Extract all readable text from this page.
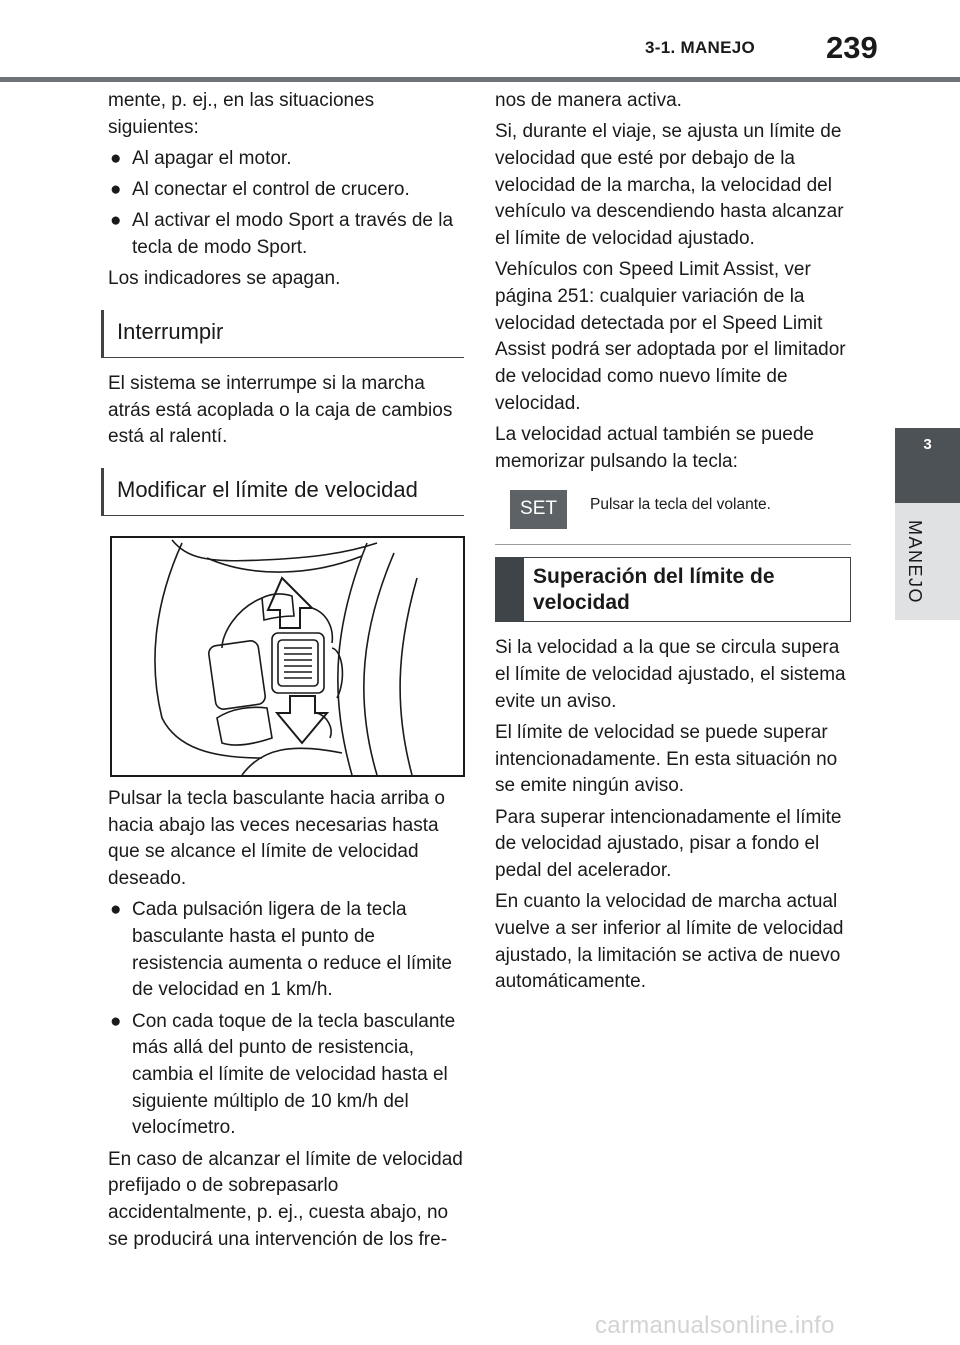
3-1. MANEJO 239
3
MANEJO

mente, p. ej., en las situaciones siguientes:

● Al apagar el motor.
● Al conectar el control de crucero.
● Al activar el modo Sport a través de la tecla de modo Sport.

Los indicadores se apagan.

Interrumpir

El sistema se interrumpe si la marcha atrás está acoplada o la caja de cambios está al ralentí.

Modificar el límite de velocidad

Pulsar la tecla basculante hacia arriba o hacia abajo las veces necesarias hasta que se alcance el límite de velocidad deseado.

● Cada pulsación ligera de la tecla basculante hasta el punto de resistencia aumenta o reduce el límite de velocidad en 1 km/h.
● Con cada toque de la tecla basculante más allá del punto de resistencia, cambia el límite de velocidad hasta el siguiente múltiplo de 10 km/h del velocímetro.

En caso de alcanzar el límite de velocidad prefijado o de sobrepasarlo accidentalmente, p. ej., cuesta abajo, no se producirá una intervención de los fre-

nos de manera activa.

Si, durante el viaje, se ajusta un límite de velocidad que esté por debajo de la velocidad de la marcha, la velocidad del vehículo va descendiendo hasta alcanzar el límite de velocidad ajustado.

Vehículos con Speed Limit Assist, ver página 251: cualquier variación de la velocidad detectada por el Speed Limit Assist podrá ser adoptada por el limitador de velocidad como nuevo límite de velocidad.

La velocidad actual también se puede memorizar pulsando la tecla:

SET	Pulsar la tecla del volante.
Superación del límite de velocidad

Si la velocidad a la que se circula supera el límite de velocidad ajustado, el sistema evite un aviso.

El límite de velocidad se puede superar intencionadamente. En esta situación no se emite ningún aviso.

Para superar intencionadamente el límite de velocidad ajustado, pisar a fondo el pedal del acelerador.

En cuanto la velocidad de marcha actual vuelve a ser inferior al límite de velocidad ajustado, la limitación se activa de nuevo automáticamente.

carmanualsonline.info
